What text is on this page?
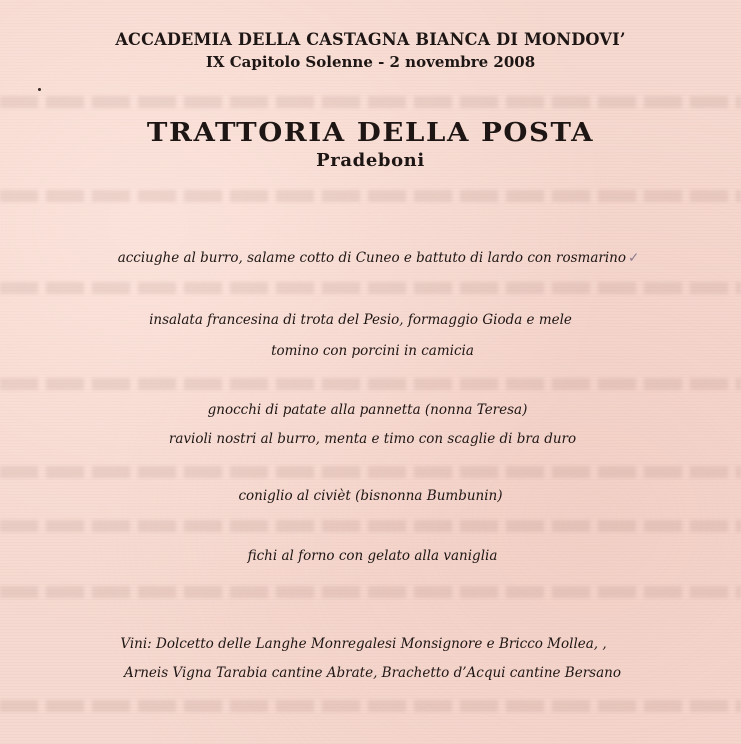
ACCADEMIA DELLA CASTAGNA BIANCA DI MONDOVI’
IX Capitolo Solenne - 2 novembre 2008
TRATTORIA DELLA POSTA
Pradeboni
acciughe al burro, salame cotto di Cuneo e battuto di lardo con rosmarino ✓
insalata francesina di trota del Pesio, formaggio Gioda e mele
tomino con porcini in camicia
gnocchi di patate alla pannetta (nonna Teresa)
ravioli nostri al burro, menta e timo con scaglie di bra duro
coniglio al civièt (bisnonna Bumbunin)
fichi al forno con gelato alla vaniglia
Vini: Dolcetto delle Langhe Monregalesi Monsignore e Bricco Mollea, ,
Arneis Vigna Tarabia cantine Abrate, Brachetto d’Acqui cantine Bersano
